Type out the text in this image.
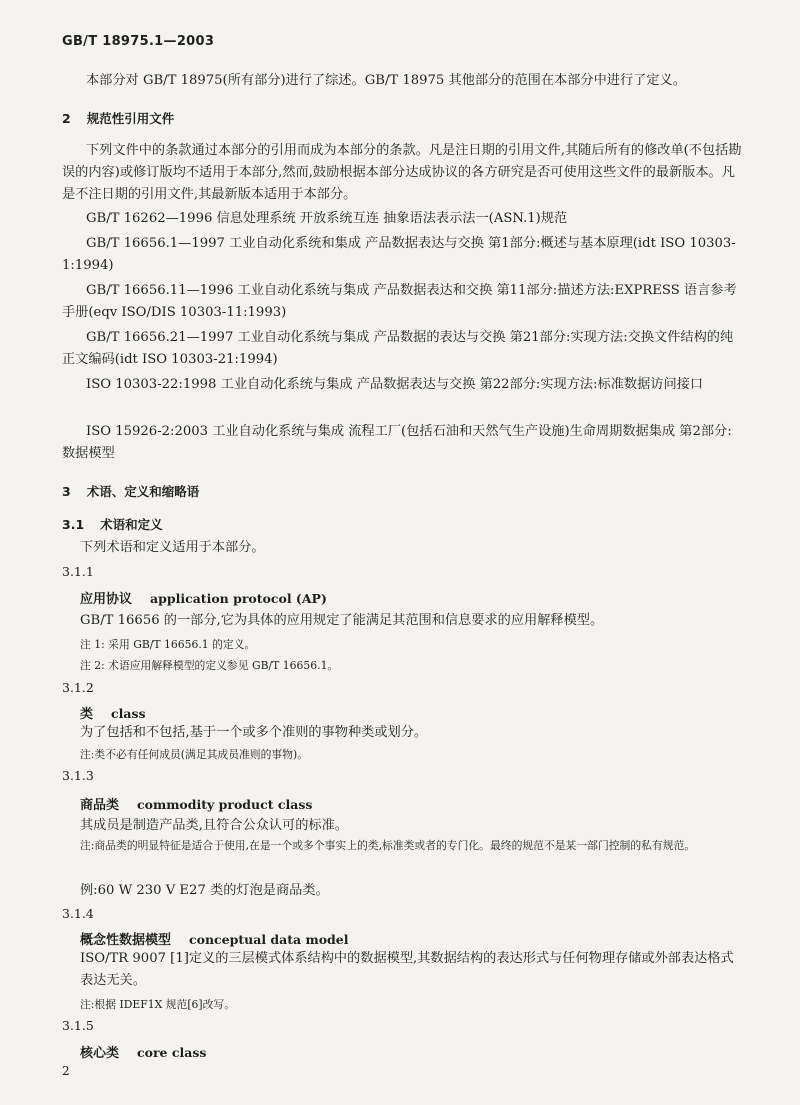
GB/T 18975.1—2003
本部分对 GB/T 18975(所有部分)进行了综述。GB/T 18975 其他部分的范围在本部分中进行了定义。
2 规范性引用文件
下列文件中的条款通过本部分的引用而成为本部分的条款。凡是注日期的引用文件,其随后所有的修改单(不包括勘误的内容)或修订版均不适用于本部分,然而,鼓励根据本部分达成协议的各方研究是否可使用这些文件的最新版本。凡是不注日期的引用文件,其最新版本适用于本部分。
GB/T 16262—1996 信息处理系统 开放系统互连 抽象语法表示法一(ASN.1)规范
GB/T 16656.1—1997 工业自动化系统和集成 产品数据表达与交换 第1部分:概述与基本原理(idt ISO 10303-1:1994)
GB/T 16656.11—1996 工业自动化系统与集成 产品数据表达和交换 第11部分:描述方法:EXPRESS 语言参考手册(eqv ISO/DIS 10303-11:1993)
GB/T 16656.21—1997 工业自动化系统与集成 产品数据的表达与交换 第21部分:实现方法:交换文件结构的纯正文编码(idt ISO 10303-21:1994)
ISO 10303-22:1998 工业自动化系统与集成 产品数据表达与交换 第22部分:实现方法:标准数据访问接口
ISO 15926-2:2003 工业自动化系统与集成 流程工厂(包括石油和天然气生产设施)生命周期数据集成 第2部分:数据模型
3 术语、定义和缩略语
3.1 术语和定义
下列术语和定义适用于本部分。
3.1.1
应用协议 application protocol (AP)
GB/T 16656 的一部分,它为具体的应用规定了能满足其范围和信息要求的应用解释模型。
注 1: 采用 GB/T 16656.1 的定义。
注 2: 术语应用解释模型的定义参见 GB/T 16656.1。
3.1.2
类 class
为了包括和不包括,基于一个或多个准则的事物种类或划分。
注:类不必有任何成员(满足其成员准则的事物)。
3.1.3
商品类 commodity product class
其成员是制造产品类,且符合公众认可的标准。
注:商品类的明显特征是适合于使用,在是一个或多个事实上的类,标准类或者的专门化。最终的规范不是某一部门控制的私有规范。
例:60 W 230 V E27 类的灯泡是商品类。
3.1.4
概念性数据模型 conceptual data model
ISO/TR 9007 [1]定义的三层模式体系结构中的数据模型,其数据结构的表达形式与任何物理存储或外部表达格式表达无关。
注:根据 IDEF1X 规范[6]改写。
3.1.5
核心类 core class
2
